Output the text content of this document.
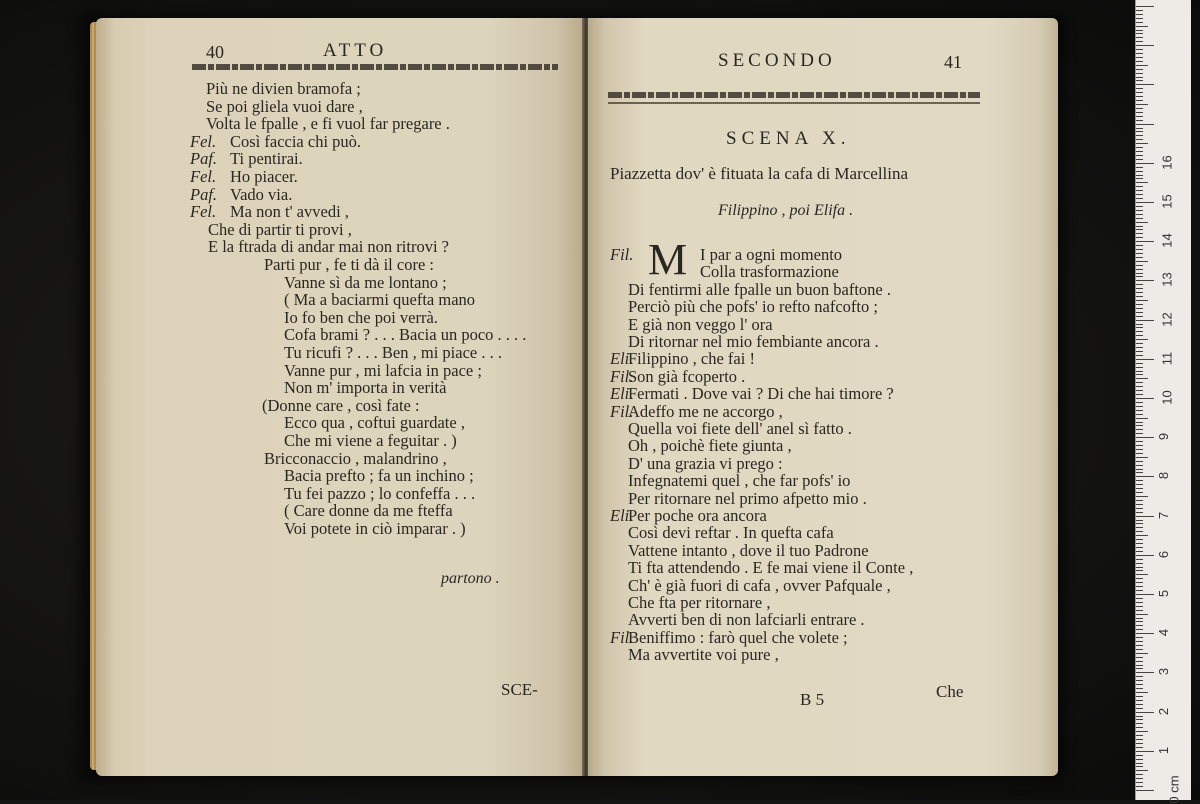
40	ATTO
Più ne divien bramofa ;
Se poi gliela vuoi dare ,
Volta le fpalle , e fi vuol far pregare .
Fel. Così faccia chi può.
Paf. Ti pentirai.
Fel. Ho piacer.
Paf. Vado via.
Fel. Ma non t' avvedi ,
Che di partir ti provi ,
E la ftrada di andar mai non ritrovi ?
Parti pur , fe ti dà il core :
Vanne sì da me lontano ;
( Ma a baciarmi quefta mano
Io fo ben che poi verrà.
Cofa brami ? . . . Bacia un poco . . . .
Tu ricufi ? . . . Ben , mi piace . . .
Vanne pur , mi lafcia in pace ;
Non m' importa in verità
(Donne care , così fate :
Ecco qua , coftui guardate ,
Che mi viene a feguitar . )
Bricconaccio , malandrino ,
Bacia prefto ; fa un inchino ;
Tu fei pazzo ; lo confeffa . . .
( Care donne da me fteffa
Voi potete in ciò imparar . )
partono .
SCE-
SECONDO	41
SCENA X.
Piazzetta dov' è fituata la cafa di Marcellina
Filippino , poi Elifa .
M
Fil.	I par a ogni momento
Colla trasformazione
Di fentirmi alle fpalle un buon baftone .
Perciò più che pofs' io refto nafcofto ;
E già non veggo l' ora
Di ritornar nel mio fembiante ancora .
Eli.
Filippino , che fai !
Fil.
Son già fcoperto .
Eli.
Fermati . Dove vai ? Di che hai timore ?
Fil.
Adeffo me ne accorgo ,
Quella voi fiete dell' anel sì fatto .
Oh , poichè fiete giunta ,
D' una grazia vi prego :
Infegnatemi quel , che far pofs' io
Per ritornare nel primo afpetto mio .
Eli.
Per poche ora ancora
Così devi reftar . In quefta cafa
Vattene intanto , dove il tuo Padrone
Ti fta attendendo . E fe mai viene il Conte ,
Ch' è già fuori di cafa , ovver Pafquale ,
Che fta per ritornare ,
Avverti ben di non lafciarli entrare .
Fil.
Beniffimo : farò quel che volete ;
Ma avvertite voi pure ,
B 5	Che
0 cm
1
2
3
4
5
6
7
8
9
10
11
12
13
14
15
16
